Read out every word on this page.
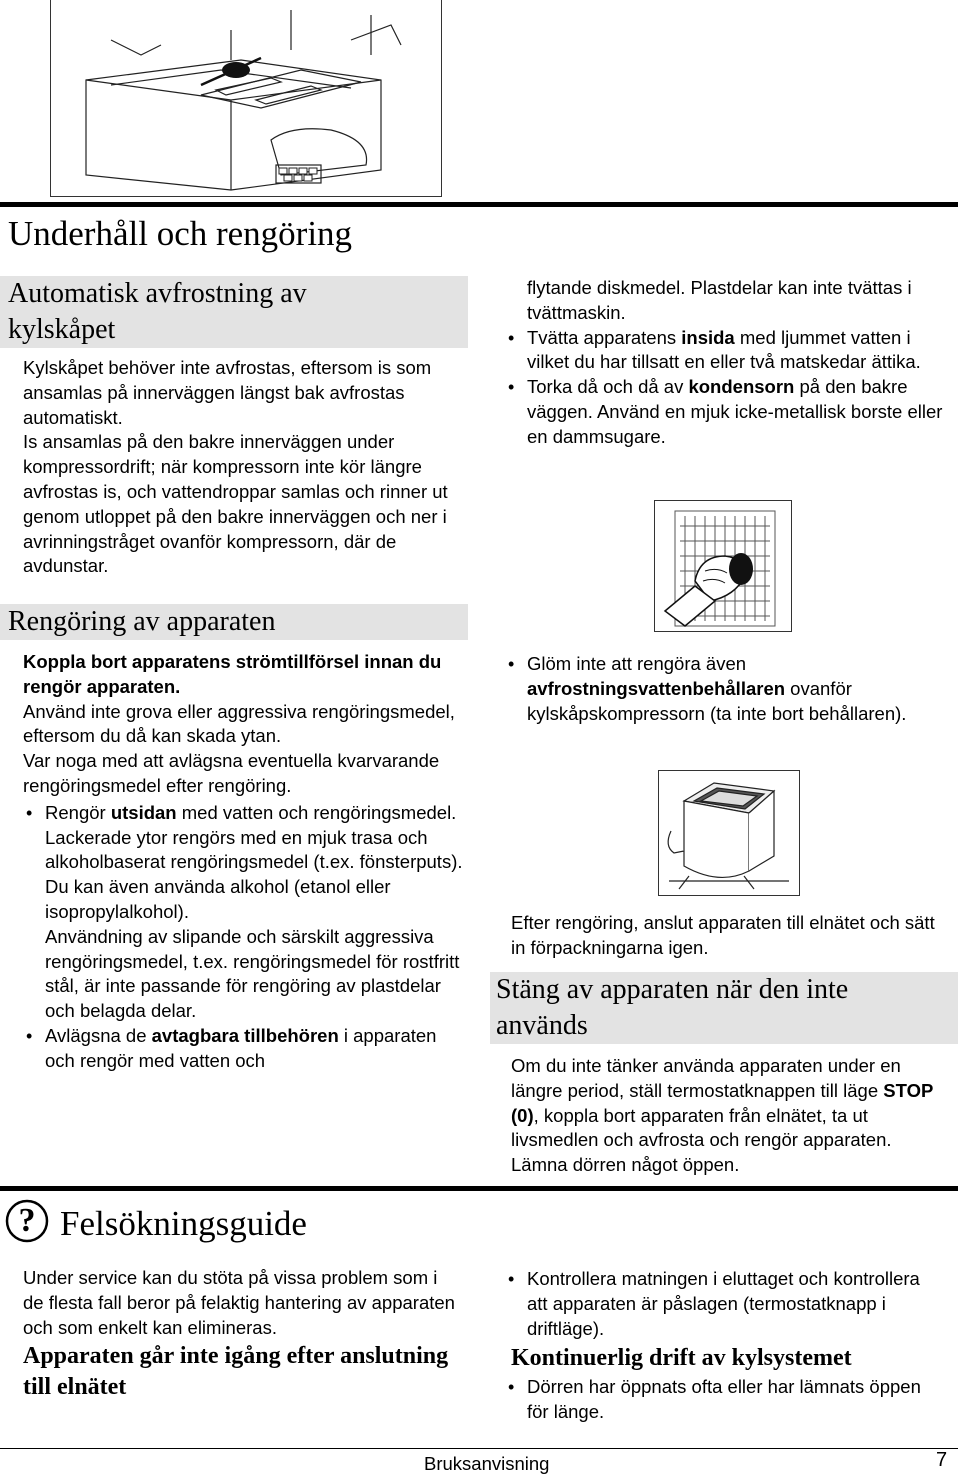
Underhåll och rengöring
Automatisk avfrostning av kylskåpet

Kylskåpet behöver inte avfrostas, eftersom is som ansamlas på innerväggen längst bak avfrostas automatiskt.

Is ansamlas på den bakre innerväggen under kompressordrift; när kompressorn inte kör längre avfrostas is, och vattendroppar samlas och rinner ut genom utloppet på den bakre innerväggen och ner i avrinningstråget ovanför kompressorn, där de avdunstar.

Rengöring av apparaten

Koppla bort apparatens strömtillförsel innan du rengör apparaten.

Använd inte grova eller aggressiva rengöringsmedel, eftersom du då kan skada ytan.

Var noga med att avlägsna eventuella kvarvarande rengöringsmedel efter rengöring.

• Rengör utsidan med vatten och rengöringsmedel.

Lackerade ytor rengörs med en mjuk trasa och alkoholbaserat rengöringsmedel (t.ex. fönsterputs). Du kan även använda alkohol (etanol eller isopropylalkohol).

Användning av slipande och särskilt aggressiva rengöringsmedel, t.ex. rengöringsmedel för rostfritt stål, är inte passande för rengöring av plastdelar och belagda delar.

• Avlägsna de avtagbara tillbehören i apparaten och rengör med vatten och

flytande diskmedel. Plastdelar kan inte tvättas i tvättmaskin.

• Tvätta apparatens insida med ljummet vatten i vilket du har tillsatt en eller två matskedar ättika.
• Torka då och då av kondensorn på den bakre väggen. Använd en mjuk icke-metallisk borste eller en dammsugare.
• Glöm inte att rengöra även avfrostningsvattenbehållaren ovanför kylskåpskompressorn (ta inte bort behållaren).
Efter rengöring, anslut apparaten till elnätet och sätt in förpackningarna igen.
Stäng av apparaten när den inte används
Om du inte tänker använda apparaten under en längre period, ställ termostatknappen till läge STOP (0), koppla bort apparaten från elnätet, ta ut livsmedlen och avfrosta och rengör apparaten. Lämna dörren något öppen.
? Felsökningsguide
Under service kan du stöta på vissa problem som i de flesta fall beror på felaktig hantering av apparaten och som enkelt kan elimineras.
Apparaten går inte igång efter anslutning till elnätet
• Kontrollera matningen i eluttaget och kontrollera att apparaten är påslagen (termostatknapp i driftläge).
Kontinuerlig drift av kylsystemet
• Dörren har öppnats ofta eller har lämnats öppen för länge.
Bruksanvisning	7
